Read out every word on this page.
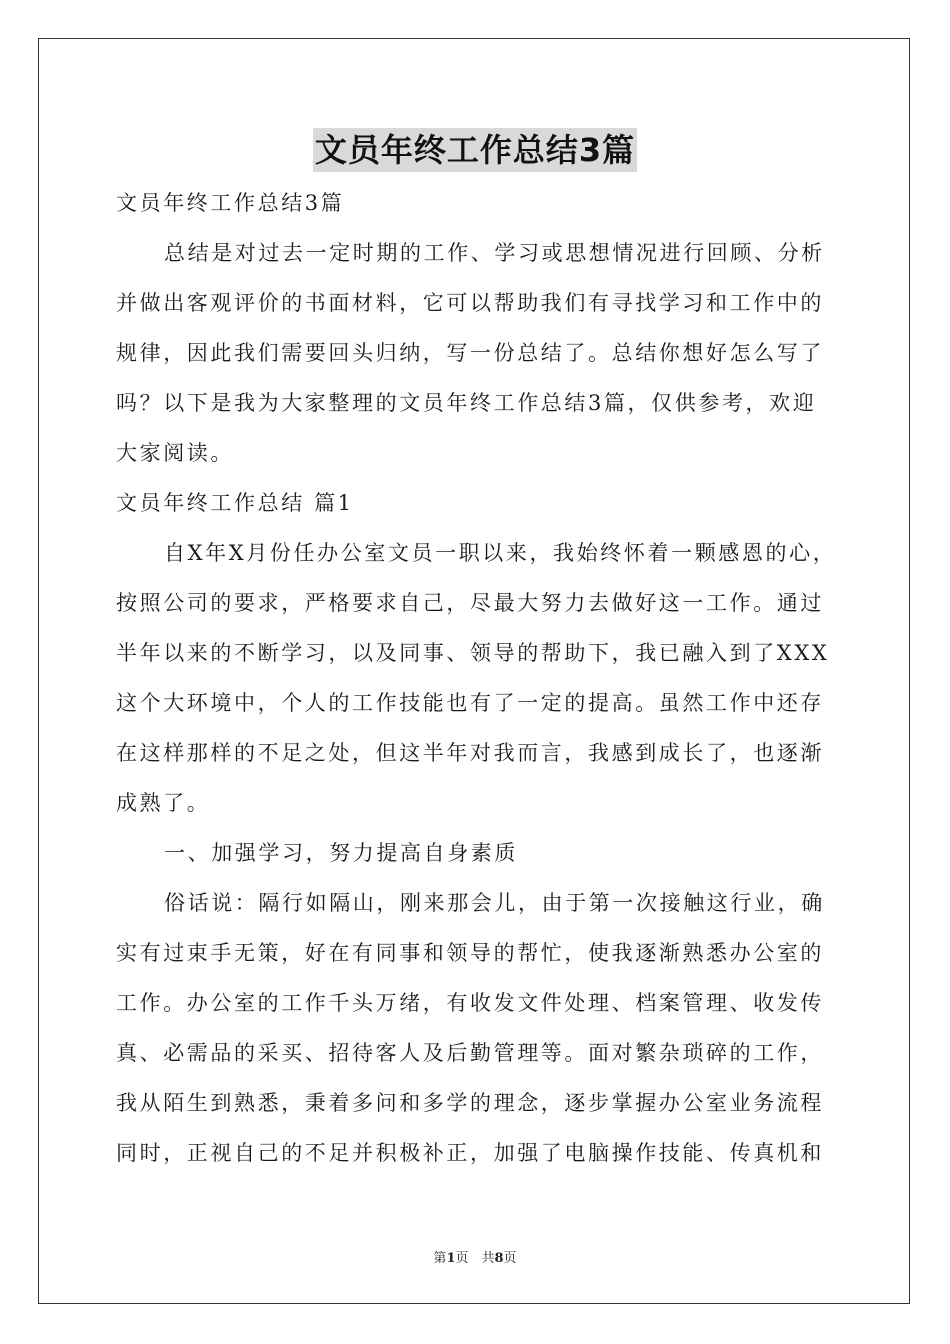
文员年终工作总结3篇
文员年终工作总结3篇
总结是对过去一定时期的工作、学习或思想情况进行回顾、分析
并做出客观评价的书面材料，它可以帮助我们有寻找学习和工作中的
规律，因此我们需要回头归纳，写一份总结了。总结你想好怎么写了
吗？以下是我为大家整理的文员年终工作总结3篇，仅供参考，欢迎
大家阅读。
文员年终工作总结 篇1
自X年X月份任办公室文员一职以来，我始终怀着一颗感恩的心，
按照公司的要求，严格要求自己，尽最大努力去做好这一工作。通过
半年以来的不断学习，以及同事、领导的帮助下，我已融入到了XXX
这个大环境中，个人的工作技能也有了一定的提高。虽然工作中还存
在这样那样的不足之处，但这半年对我而言，我感到成长了，也逐渐
成熟了。
一、加强学习，努力提高自身素质
俗话说：隔行如隔山，刚来那会儿，由于第一次接触这行业，确
实有过束手无策，好在有同事和领导的帮忙，使我逐渐熟悉办公室的
工作。办公室的工作千头万绪，有收发文件处理、档案管理、收发传
真、必需品的采买、招待客人及后勤管理等。面对繁杂琐碎的工作，
我从陌生到熟悉，秉着多问和多学的理念，逐步掌握办公室业务流程
同时，正视自己的不足并积极补正，加强了电脑操作技能、传真机和
第1页　共8页
